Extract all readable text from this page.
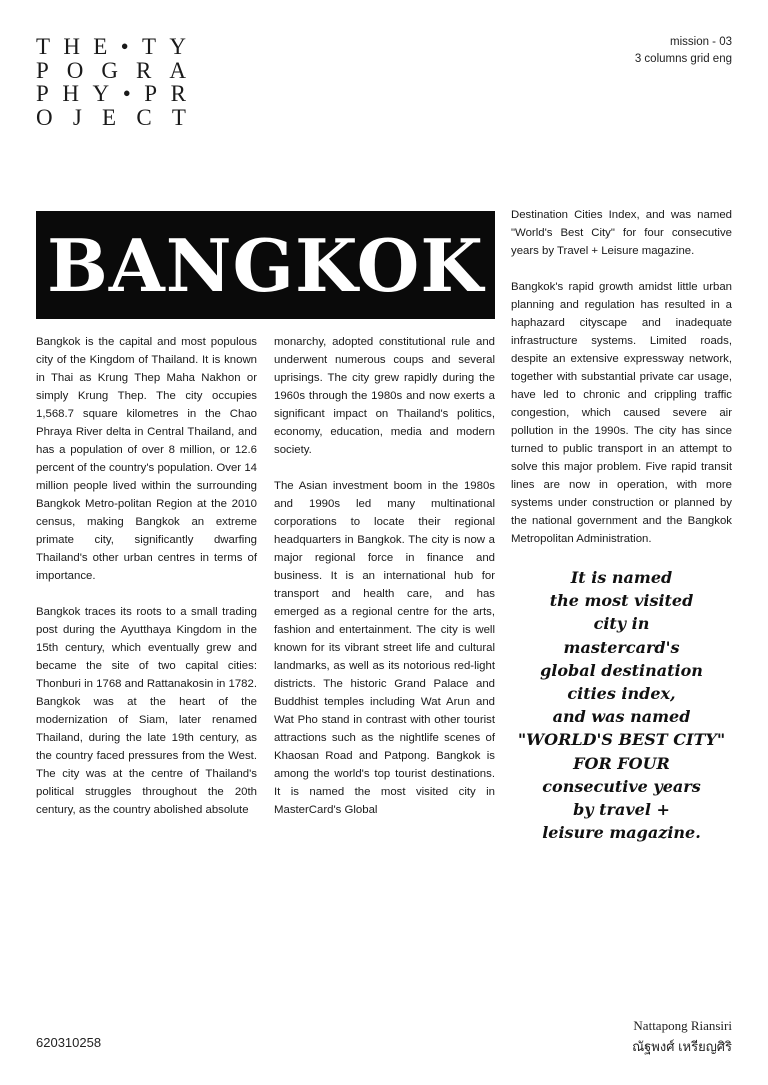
T H E • T Y
P O G R A
P H Y • P R
O J E C T
mission - 03
3 columns grid eng
BANGKOK

Bangkok is the capital and most populous city of the Kingdom of Thailand. It is known in Thai as Krung Thep Maha Nakhon or simply Krung Thep. The city occupies 1,568.7 square kilometres in the Chao Phraya River delta in Central Thailand, and has a population of over 8 million, or 12.6 percent of the country's population. Over 14 million people lived within the surrounding Bangkok Metro-politan Region at the 2010 census, making Bangkok an extreme primate city, significantly dwarfing Thailand's other urban centres in terms of importance.

Bangkok traces its roots to a small trading post during the Ayutthaya Kingdom in the 15th century, which eventually grew and became the site of two capital cities: Thonburi in 1768 and Rattanakosin in 1782. Bangkok was at the heart of the modernization of Siam, later renamed Thailand, during the late 19th century, as the country faced pressures from the West. The city was at the centre of Thailand's political struggles throughout the 20th century, as the country abolished absolute

monarchy, adopted constitutional rule and underwent numerous coups and several uprisings. The city grew rapidly during the 1960s through the 1980s and now exerts a significant impact on Thailand's politics, economy, education, media and modern society.

The Asian investment boom in the 1980s and 1990s led many multinational corporations to locate their regional headquarters in Bangkok. The city is now a major regional force in finance and business. It is an international hub for transport and health care, and has emerged as a regional centre for the arts, fashion and entertainment. The city is well known for its vibrant street life and cultural landmarks, as well as its notorious red-light districts. The historic Grand Palace and Buddhist temples including Wat Arun and Wat Pho stand in contrast with other tourist attractions such as the nightlife scenes of Khaosan Road and Patpong. Bangkok is among the world's top tourist destinations. It is named the most visited city in MasterCard's Global

Destination Cities Index, and was named "World's Best City" for four consecutive years by Travel + Leisure magazine.

Bangkok's rapid growth amidst little urban planning and regulation has resulted in a haphazard cityscape and inadequate infrastructure systems. Limited roads, despite an extensive expressway network, together with substantial private car usage, have led to chronic and crippling traffic congestion, which caused severe air pollution in the 1990s. The city has since turned to public transport in an attempt to solve this major problem. Five rapid transit lines are now in operation, with more systems under construction or planned by the national government and the Bangkok Metropolitan Administration.

It is named
the most visited
city in
mastercard's
global destination
cities index,
and was named
"WORLD'S BEST CITY"
FOR FOUR
consecutive years
by travel +
leisure magazine.
620310258
Nattapong Riansiri
ณัฐพงศ์ เหรียญศิริ
